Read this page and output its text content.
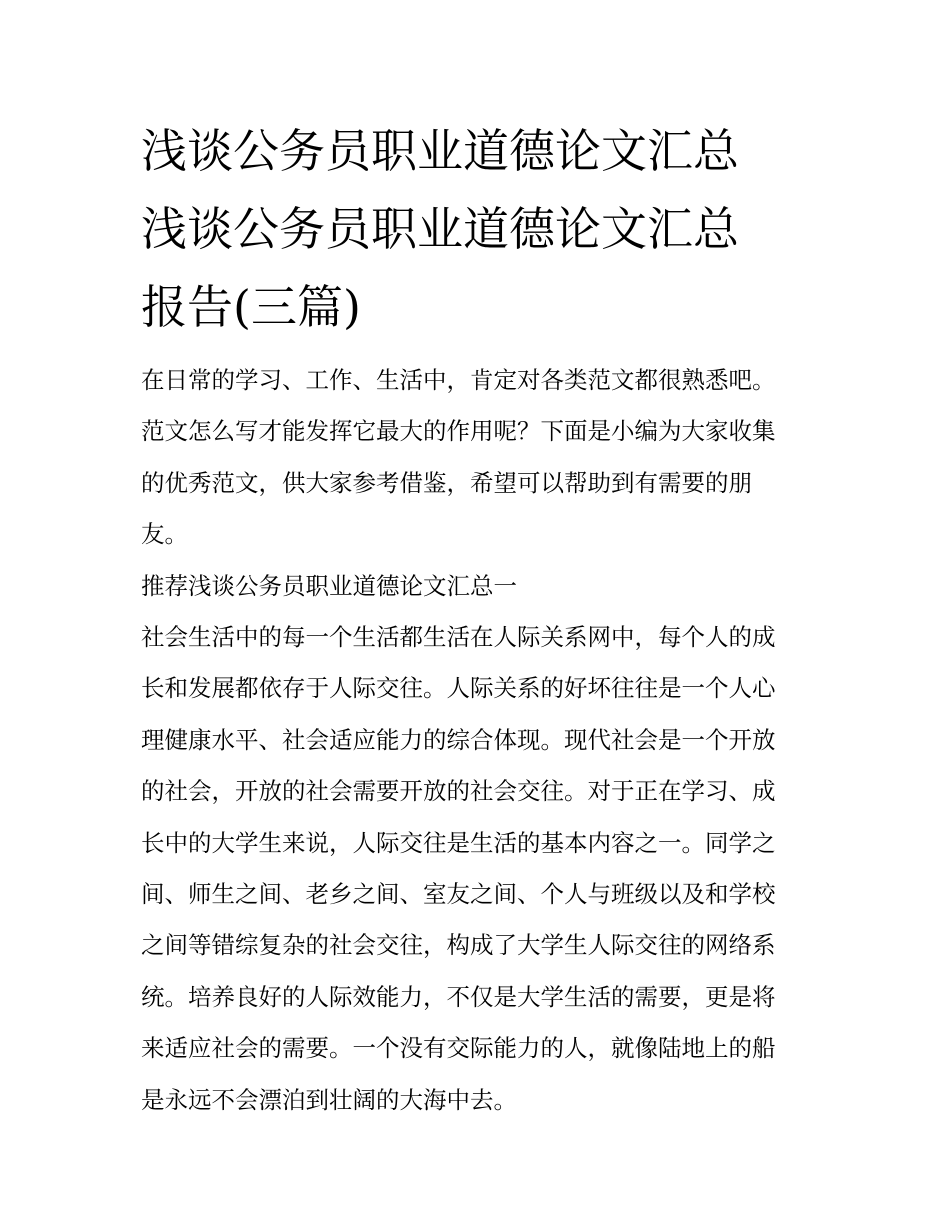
浅谈公务员职业道德论文汇总
浅谈公务员职业道德论文汇总
报告(三篇)
在日常的学习、工作、生活中，肯定对各类范文都很熟悉吧。
范文怎么写才能发挥它最大的作用呢？下面是小编为大家收集
的优秀范文，供大家参考借鉴，希望可以帮助到有需要的朋
友。
推荐浅谈公务员职业道德论文汇总一
社会生活中的每一个生活都生活在人际关系网中，每个人的成
长和发展都依存于人际交往。人际关系的好坏往往是一个人心
理健康水平、社会适应能力的综合体现。现代社会是一个开放
的社会，开放的社会需要开放的社会交往。对于正在学习、成
长中的大学生来说，人际交往是生活的基本内容之一。同学之
间、师生之间、老乡之间、室友之间、个人与班级以及和学校
之间等错综复杂的社会交往，构成了大学生人际交往的网络系
统。培养良好的人际效能力，不仅是大学生活的需要，更是将
来适应社会的需要。一个没有交际能力的人，就像陆地上的船
是永远不会漂泊到壮阔的大海中去。
